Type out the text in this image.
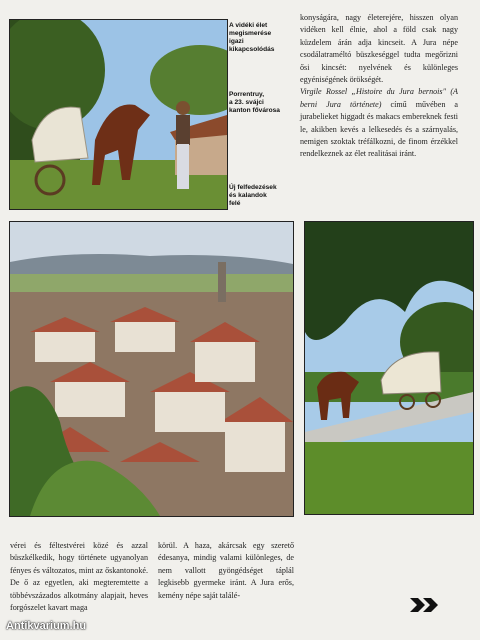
A vidéki élet
megismerése
igazi
kikapcsolódás
Porrentruy,
a 23. svájci
kanton fővárosa
Új felfedezések
és kalandok
felé

konyságára, nagy életerejére, hisszen olyan vidéken kell élnie, ahol a föld csak nagy küzdelem árán adja kincseit. A Jura népe csodálatraméltó büszkeséggel tudta megőrizni ősi kincsét: nyelvének és különleges egyéniségének örökségét.

Virgile Rossel „Histoire du Jura bernois" (A berni Jura története) című művében a jurabelieket higgadt és makacs embereknek festi le, akikben kevés a lelkesedés és a szárnyalás, nemigen szoktak tréfálkozni, de finom érzékkel rendelkeznek az élet realitásai iránt.

vérei és féltestvérei közé és azzal büszkélkedik, hogy története ugyanolyan fényes és változatos, mint az őskantonoké. De ő az egyetlen, aki megteremtette a többévszázados alkotmány alapjait, heves forgószelet kavart maga

körül. A haza, akárcsak egy szerető édesanya, mindig valami különleges, de nem vallott gyöngédséget táplál legkisebb gyermeke iránt. A Jura erős, kemény népe saját találé-

Antikvarium.hu
